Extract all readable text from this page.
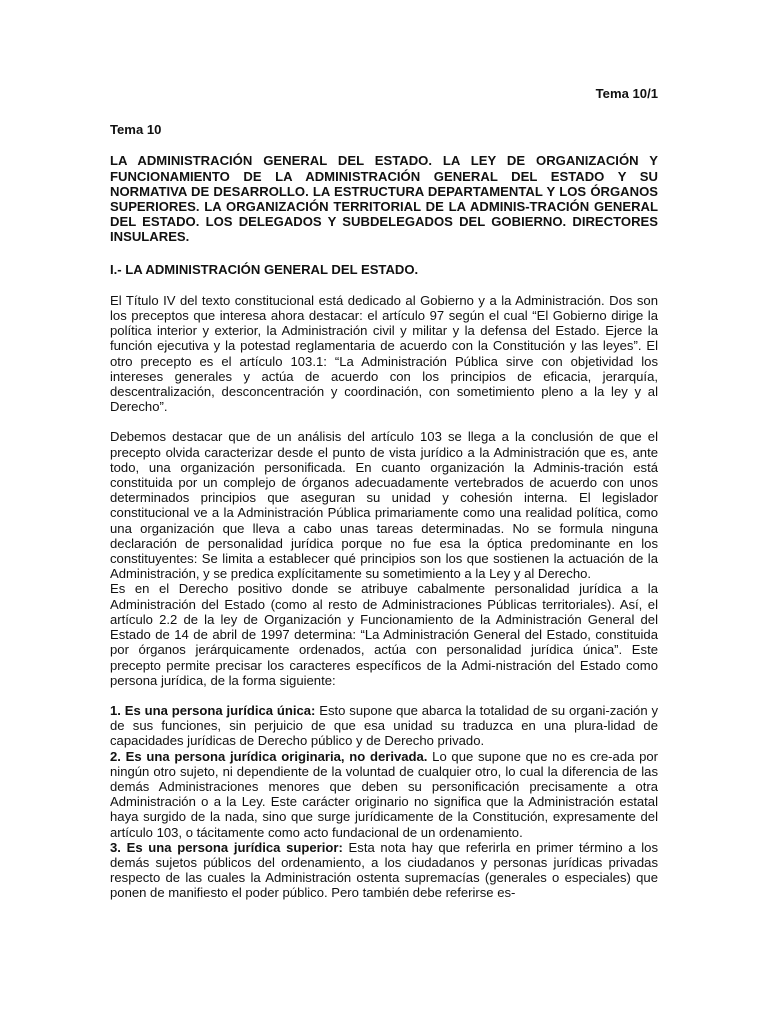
Tema 10/1
Tema 10
LA ADMINISTRACIÓN GENERAL DEL ESTADO. LA LEY DE ORGANIZACIÓN Y FUNCIONAMIENTO DE LA ADMINISTRACIÓN GENERAL DEL ESTADO Y SU NORMATIVA DE DESARROLLO. LA ESTRUCTURA DEPARTAMENTAL Y LOS ÓRGANOS SUPERIORES. LA ORGANIZACIÓN TERRITORIAL DE LA ADMINIS-TRACIÓN GENERAL DEL ESTADO. LOS DELEGADOS Y SUBDELEGADOS DEL GOBIERNO. DIRECTORES INSULARES.
I.- LA ADMINISTRACIÓN GENERAL DEL ESTADO.

El Título IV del texto constitucional está dedicado al Gobierno y a la Administración. Dos son los preceptos que interesa ahora destacar: el artículo 97 según el cual “El Gobierno dirige la política interior y exterior, la Administración civil y militar y la defensa del Estado. Ejerce la función ejecutiva y la potestad reglamentaria de acuerdo con la Constitución y las leyes”. El otro precepto es el artículo 103.1: “La Administración Pública sirve con objetividad los intereses generales y actúa de acuerdo con los principios de eficacia, jerarquía, descentralización, desconcentración y coordinación, con sometimiento pleno a la ley y al Derecho”.

Debemos destacar que de un análisis del artículo 103 se llega a la conclusión de que el precepto olvida caracterizar desde el punto de vista jurídico a la Administración que es, ante todo, una organización personificada. En cuanto organización la Adminis-tración está constituida por un complejo de órganos adecuadamente vertebrados de acuerdo con unos determinados principios que aseguran su unidad y cohesión interna. El legislador constitucional ve a la Administración Pública primariamente como una realidad política, como una organización que lleva a cabo unas tareas determinadas. No se formula ninguna declaración de personalidad jurídica porque no fue esa la óptica predominante en los constituyentes: Se limita a establecer qué principios son los que sostienen la actuación de la Administración, y se predica explícitamente su sometimiento a la Ley y al Derecho.

Es en el Derecho positivo donde se atribuye cabalmente personalidad jurídica a la Administración del Estado (como al resto de Administraciones Públicas territoriales). Así, el artículo 2.2 de la ley de Organización y Funcionamiento de la Administración General del Estado de 14 de abril de 1997 determina: “La Administración General del Estado, constituida por órganos jerárquicamente ordenados, actúa con personalidad jurídica única”. Este precepto permite precisar los caracteres específicos de la Admi-nistración del Estado como persona jurídica, de la forma siguiente:

1. Es una persona jurídica única: Esto supone que abarca la totalidad de su organi-zación y de sus funciones, sin perjuicio de que esa unidad su traduzca en una plura-lidad de capacidades jurídicas de Derecho público y de Derecho privado.
2. Es una persona jurídica originaria, no derivada. Lo que supone que no es cre-ada por ningún otro sujeto, ni dependiente de la voluntad de cualquier otro, lo cual la diferencia de las demás Administraciones menores que deben su personificación precisamente a otra Administración o a la Ley. Este carácter originario no significa que la Administración estatal haya surgido de la nada, sino que surge jurídicamente de la Constitución, expresamente del artículo 103, o tácitamente como acto fundacional de un ordenamiento.
3. Es una persona jurídica superior: Esta nota hay que referirla en primer término a los demás sujetos públicos del ordenamiento, a los ciudadanos y personas jurídicas privadas respecto de las cuales la Administración ostenta supremacías (generales o especiales) que ponen de manifiesto el poder público. Pero también debe referirse es-
